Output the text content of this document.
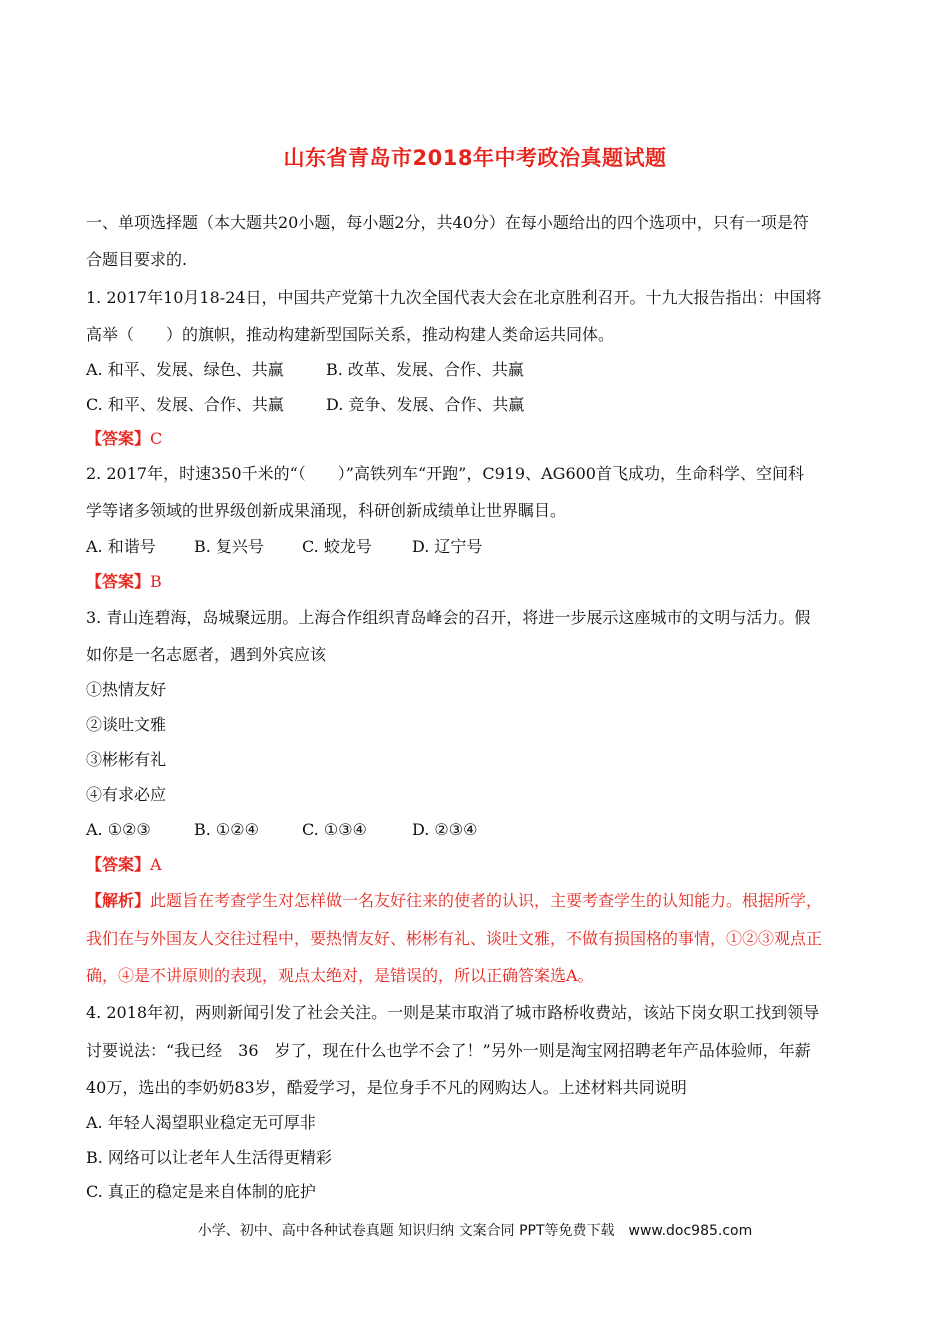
山东省青岛市2018年中考政治真题试题
一、单项选择题（本大题共20小题，每小题2分，共40分）在每小题给出的四个选项中，只有一项是符
合题目要求的.
1. 2017年10月18-24日，中国共产党第十九次全国代表大会在北京胜利召开。十九大报告指出：中国将
高举（　　）的旗帜，推动构建新型国际关系，推动构建人类命运共同体。
A. 和平、发展、绿色、共赢	B. 改革、发展、合作、共赢
C. 和平、发展、合作、共赢	D. 竞争、发展、合作、共赢
【答案】C
2. 2017年，时速350千米的“（　　）”高铁列车“开跑”，C919、AG600首飞成功，生命科学、空间科
学等诸多领域的世界级创新成果涌现，科研创新成绩单让世界瞩目。
A. 和谐号 B. 复兴号 C. 蛟龙号	D. 辽宁号
【答案】B
3. 青山连碧海，岛城聚远朋。上海合作组织青岛峰会的召开，将进一步展示这座城市的文明与活力。假
如你是一名志愿者，遇到外宾应该
①热情友好
②谈吐文雅
③彬彬有礼
④有求必应
A. ①②③	B. ①②④	C. ①③④	D. ②③④
【答案】A
【解析】此题旨在考查学生对怎样做一名友好往来的使者的认识，主要考查学生的认知能力。根据所学，
我们在与外国友人交往过程中，要热情友好、彬彬有礼、谈吐文雅，不做有损国格的事情，①②③观点正
确，④是不讲原则的表现，观点太绝对，是错误的，所以正确答案选A。
4. 2018年初，两则新闻引发了社会关注。一则是某市取消了城市路桥收费站，该站下岗女职工找到领导
讨要说法：“我已经　36　岁了，现在什么也学不会了！”另外一则是淘宝网招聘老年产品体验师，年薪
40万，选出的李奶奶83岁，酷爱学习，是位身手不凡的网购达人。上述材料共同说明
A. 年轻人渴望职业稳定无可厚非
B. 网络可以让老年人生活得更精彩
C. 真正的稳定是来自体制的庇护
小学、初中、高中各种试卷真题 知识归纳 文案合同 PPT等免费下载　www.doc985.com
